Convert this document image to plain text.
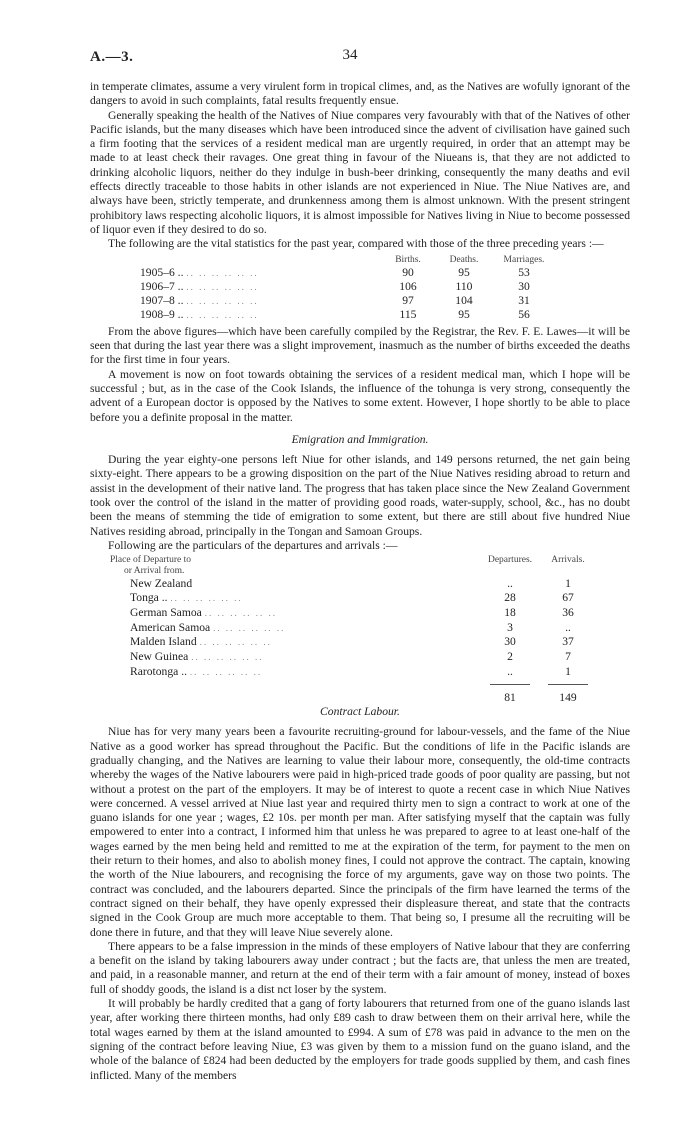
A.—3.	34

in temperate climates, assume a very virulent form in tropical climes, and, as the Natives are wofully ignorant of the dangers to avoid in such complaints, fatal results frequently ensue.

Generally speaking the health of the Natives of Niue compares very favourably with that of the Natives of other Pacific islands, but the many diseases which have been introduced since the advent of civilisation have gained such a firm footing that the services of a resident medical man are urgently required, in order that an attempt may be made to at least check their ravages. One great thing in favour of the Niueans is, that they are not addicted to drinking alcoholic liquors, neither do they indulge in bush-beer drinking, consequently the many deaths and evil effects directly traceable to those habits in other islands are not experienced in Niue. The Niue Natives are, and always have been, strictly temperate, and drunkenness among them is almost unknown. With the present stringent prohibitory laws respecting alcoholic liquors, it is almost impossible for Natives living in Niue to become possessed of liquor even if they desired to do so.

The following are the vital statistics for the past year, compared with those of the three preceding years :—

Births.	Deaths.	Marriages.
1905–6 .. .. .. .. .. .. ..	90	95	53
1906–7 .. .. .. .. .. .. ..	106	110	30
1907–8 .. .. .. .. .. .. ..	97	104	31
1908–9 .. .. .. .. .. .. ..	115	95	56

From the above figures—which have been carefully compiled by the Registrar, the Rev. F. E. Lawes—it will be seen that during the last year there was a slight improvement, inasmuch as the number of births exceeded the deaths for the first time in four years.

A movement is now on foot towards obtaining the services of a resident medical man, which I hope will be successful ; but, as in the case of the Cook Islands, the influence of the tohunga is very strong, consequently the advent of a European doctor is opposed by the Natives to some extent. However, I hope shortly to be able to place before you a definite proposal in the matter.

Emigration and Immigration.

During the year eighty-one persons left Niue for other islands, and 149 persons returned, the net gain being sixty-eight. There appears to be a growing disposition on the part of the Niue Natives residing abroad to return and assist in the development of their native land. The progress that has taken place since the New Zealand Government took over the control of the island in the matter of providing good roads, water-supply, school, &c., has no doubt been the means of stemming the tide of emigration to some extent, but there are still about five hundred Niue Natives residing abroad, principally in the Tongan and Samoan Groups.

Following are the particulars of the departures and arrivals :—

Place of Departure to
or Arrival from.
Departures.	Arrivals.
New Zealand	..	1
Tonga .. .. .. .. .. .. ..	28	67
German Samoa .. .. .. .. .. ..	18	36
American Samoa .. .. .. .. .. ..	3	..
Malden Island .. .. .. .. .. ..	30	37
New Guinea .. .. .. .. .. ..	2	7
Rarotonga .. .. .. .. .. .. ..	..	1
81	149
Contract Labour.

Niue has for very many years been a favourite recruiting-ground for labour-vessels, and the fame of the Niue Native as a good worker has spread throughout the Pacific. But the conditions of life in the Pacific islands are gradually changing, and the Natives are learning to value their labour more, consequently, the old-time contracts whereby the wages of the Native labourers were paid in high-priced trade goods of poor quality are passing, but not without a protest on the part of the employers. It may be of interest to quote a recent case in which Niue Natives were concerned. A vessel arrived at Niue last year and required thirty men to sign a contract to work at one of the guano islands for one year ; wages, £2 10s. per month per man. After satisfying myself that the captain was fully empowered to enter into a contract, I informed him that unless he was prepared to agree to at least one-half of the wages earned by the men being held and remitted to me at the expiration of the term, for payment to the men on their return to their homes, and also to abolish money fines, I could not approve the contract. The captain, knowing the worth of the Niue labourers, and recognising the force of my arguments, gave way on those two points. The contract was concluded, and the labourers departed. Since the principals of the firm have learned the terms of the contract signed on their behalf, they have openly expressed their displeasure thereat, and state that the contracts signed in the Cook Group are much more acceptable to them. That being so, I presume all the recruiting will be done there in future, and that they will leave Niue severely alone.

There appears to be a false impression in the minds of these employers of Native labour that they are conferring a benefit on the island by taking labourers away under contract ; but the facts are, that unless the men are treated, and paid, in a reasonable manner, and return at the end of their term with a fair amount of money, instead of boxes full of shoddy goods, the island is a dist nct loser by the system.

It will probably be hardly credited that a gang of forty labourers that returned from one of the guano islands last year, after working there thirteen months, had only £89 cash to draw between them on their arrival here, while the total wages earned by them at the island amounted to £994. A sum of £78 was paid in advance to the men on the signing of the contract before leaving Niue, £3 was given by them to a mission fund on the guano island, and the whole of the balance of £824 had been deducted by the employers for trade goods supplied by them, and cash fines inflicted. Many of the members
